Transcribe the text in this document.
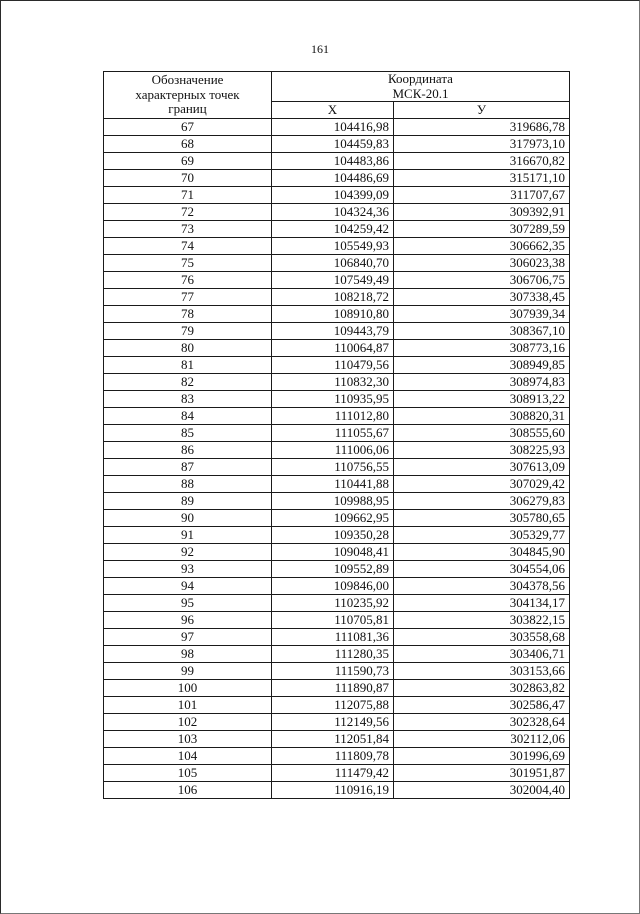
161
Обозначение
характерных точек
границ	Координата
МСК-20.1	
	X	У
67	104416,98	319686,78
68	104459,83	317973,10
69	104483,86	316670,82
70	104486,69	315171,10
71	104399,09	311707,67
72	104324,36	309392,91
73	104259,42	307289,59
74	105549,93	306662,35
75	106840,70	306023,38
76	107549,49	306706,75
77	108218,72	307338,45
78	108910,80	307939,34
79	109443,79	308367,10
80	110064,87	308773,16
81	110479,56	308949,85
82	110832,30	308974,83
83	110935,95	308913,22
84	111012,80	308820,31
85	111055,67	308555,60
86	111006,06	308225,93
87	110756,55	307613,09
88	110441,88	307029,42
89	109988,95	306279,83
90	109662,95	305780,65
91	109350,28	305329,77
92	109048,41	304845,90
93	109552,89	304554,06
94	109846,00	304378,56
95	110235,92	304134,17
96	110705,81	303822,15
97	111081,36	303558,68
98	111280,35	303406,71
99	111590,73	303153,66
100	111890,87	302863,82
101	112075,88	302586,47
102	112149,56	302328,64
103	112051,84	302112,06
104	111809,78	301996,69
105	111479,42	301951,87
106	110916,19	302004,40
